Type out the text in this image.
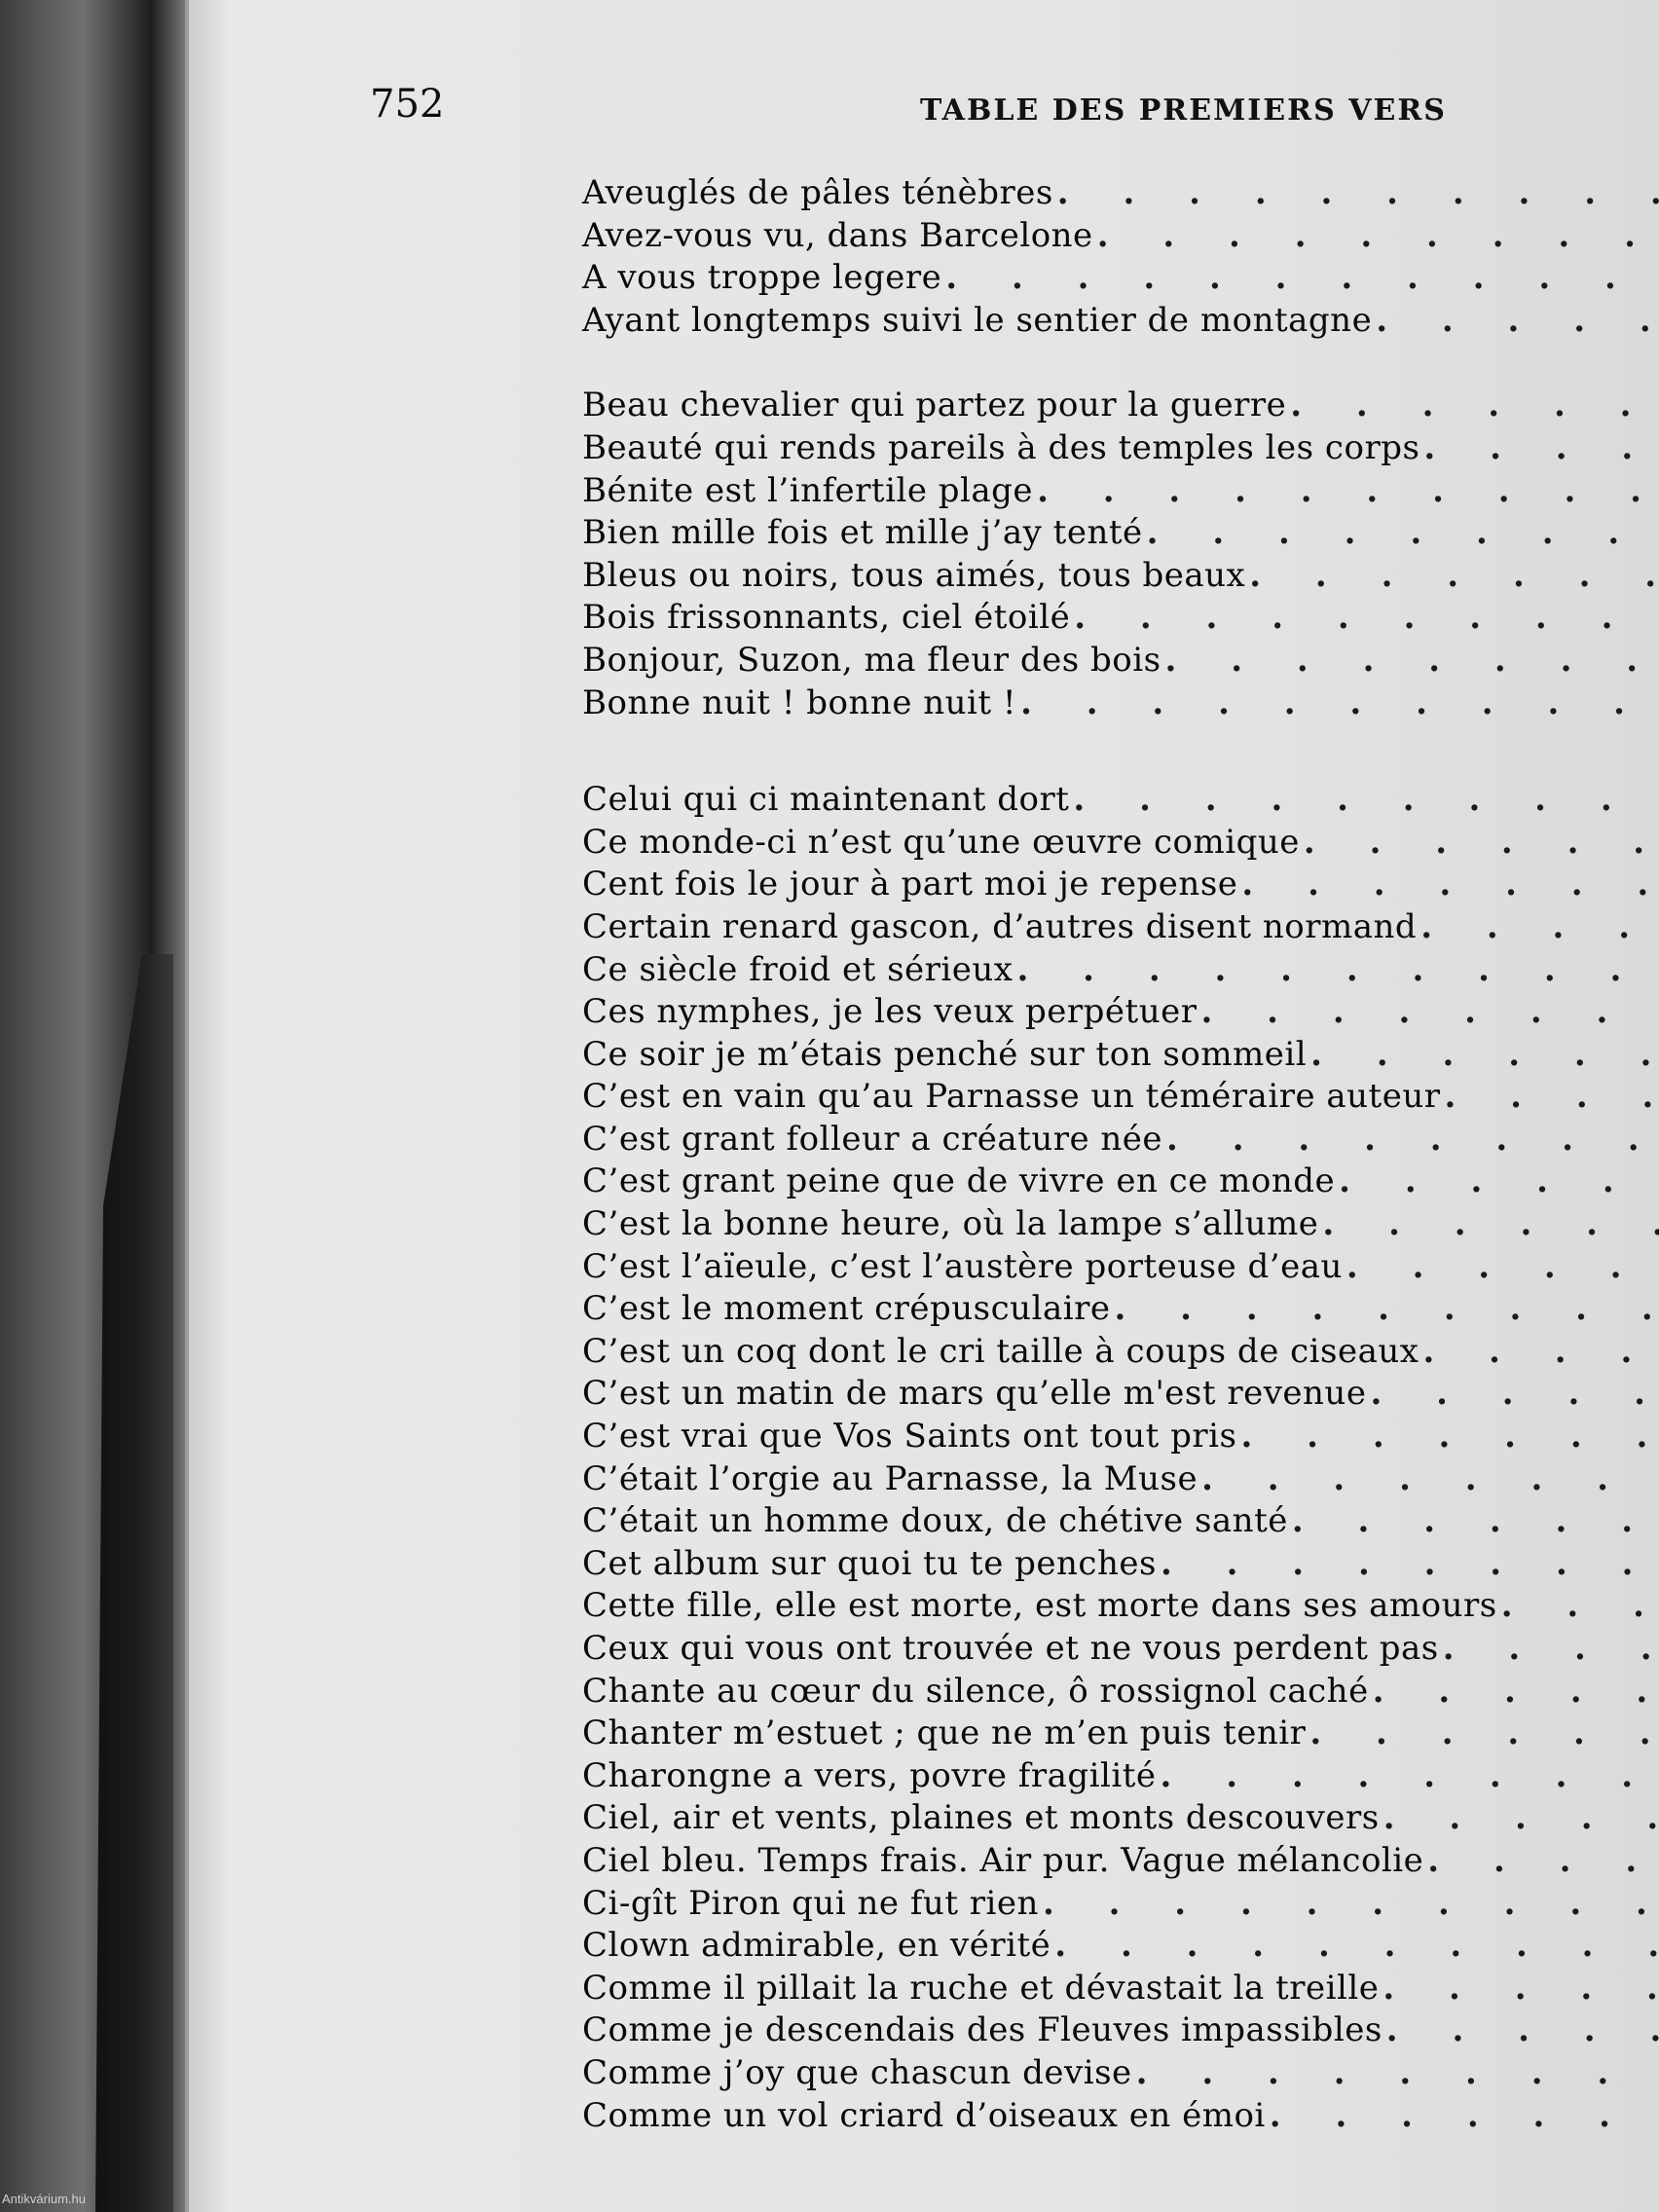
752	TABLE DES PREMIERS VERS
Aveuglés de pâles ténèbres
. . .
Avez-vous vu, dans Barcelone
. . .
A vous troppe legere
. . .
Ayant longtemps suivi le sentier de montagne
. . .
Beau chevalier qui partez pour la guerre
. . .
Beauté qui rends pareils à des temples les corps
. . .
Bénite est l’infertile plage
. . .
Bien mille fois et mille j’ay tenté
. . .
Bleus ou noirs, tous aimés, tous beaux
. . .
Bois frissonnants, ciel étoilé
. . .
Bonjour, Suzon, ma fleur des bois
. . .
Bonne nuit ! bonne nuit !
. . .
Celui qui ci maintenant dort
. . .
Ce monde-ci n’est qu’une œuvre comique
. . .
Cent fois le jour à part moi je repense
. . .
Certain renard gascon, d’autres disent normand
. . .
Ce siècle froid et sérieux
. . .
Ces nymphes, je les veux perpétuer
. . .
Ce soir je m’étais penché sur ton sommeil
. . .
C’est en vain qu’au Parnasse un téméraire auteur
. . .
C’est grant folleur a créature née
. . .
C’est grant peine que de vivre en ce monde
. . .
C’est la bonne heure, où la lampe s’allume
. . .
C’est l’aïeule, c’est l’austère porteuse d’eau
. . .
C’est le moment crépusculaire
. . .
C’est un coq dont le cri taille à coups de ciseaux
. . .
C’est un matin de mars qu’elle m'est revenue
. . .
C’est vrai que Vos Saints ont tout pris
. . .
C’était l’orgie au Parnasse, la Muse
. . .
C’était un homme doux, de chétive santé
. . .
Cet album sur quoi tu te penches
. . .
Cette fille, elle est morte, est morte dans ses amours
. . .
Ceux qui vous ont trouvée et ne vous perdent pas
. . .
Chante au cœur du silence, ô rossignol caché
. . .
Chanter m’estuet ; que ne m’en puis tenir
. . .
Charongne a vers, povre fragilité
. . .
Ciel, air et vents, plaines et monts descouvers
. . .
Ciel bleu. Temps frais. Air pur. Vague mélancolie
. . .
Ci-gît Piron qui ne fut rien
. . .
Clown admirable, en vérité
. . .
Comme il pillait la ruche et dévastait la treille
. . .
Comme je descendais des Fleuves impassibles
. . .
Comme j’oy que chascun devise
. . .
Comme un vol criard d’oiseaux en émoi
. . .
Antikvárium.hu
